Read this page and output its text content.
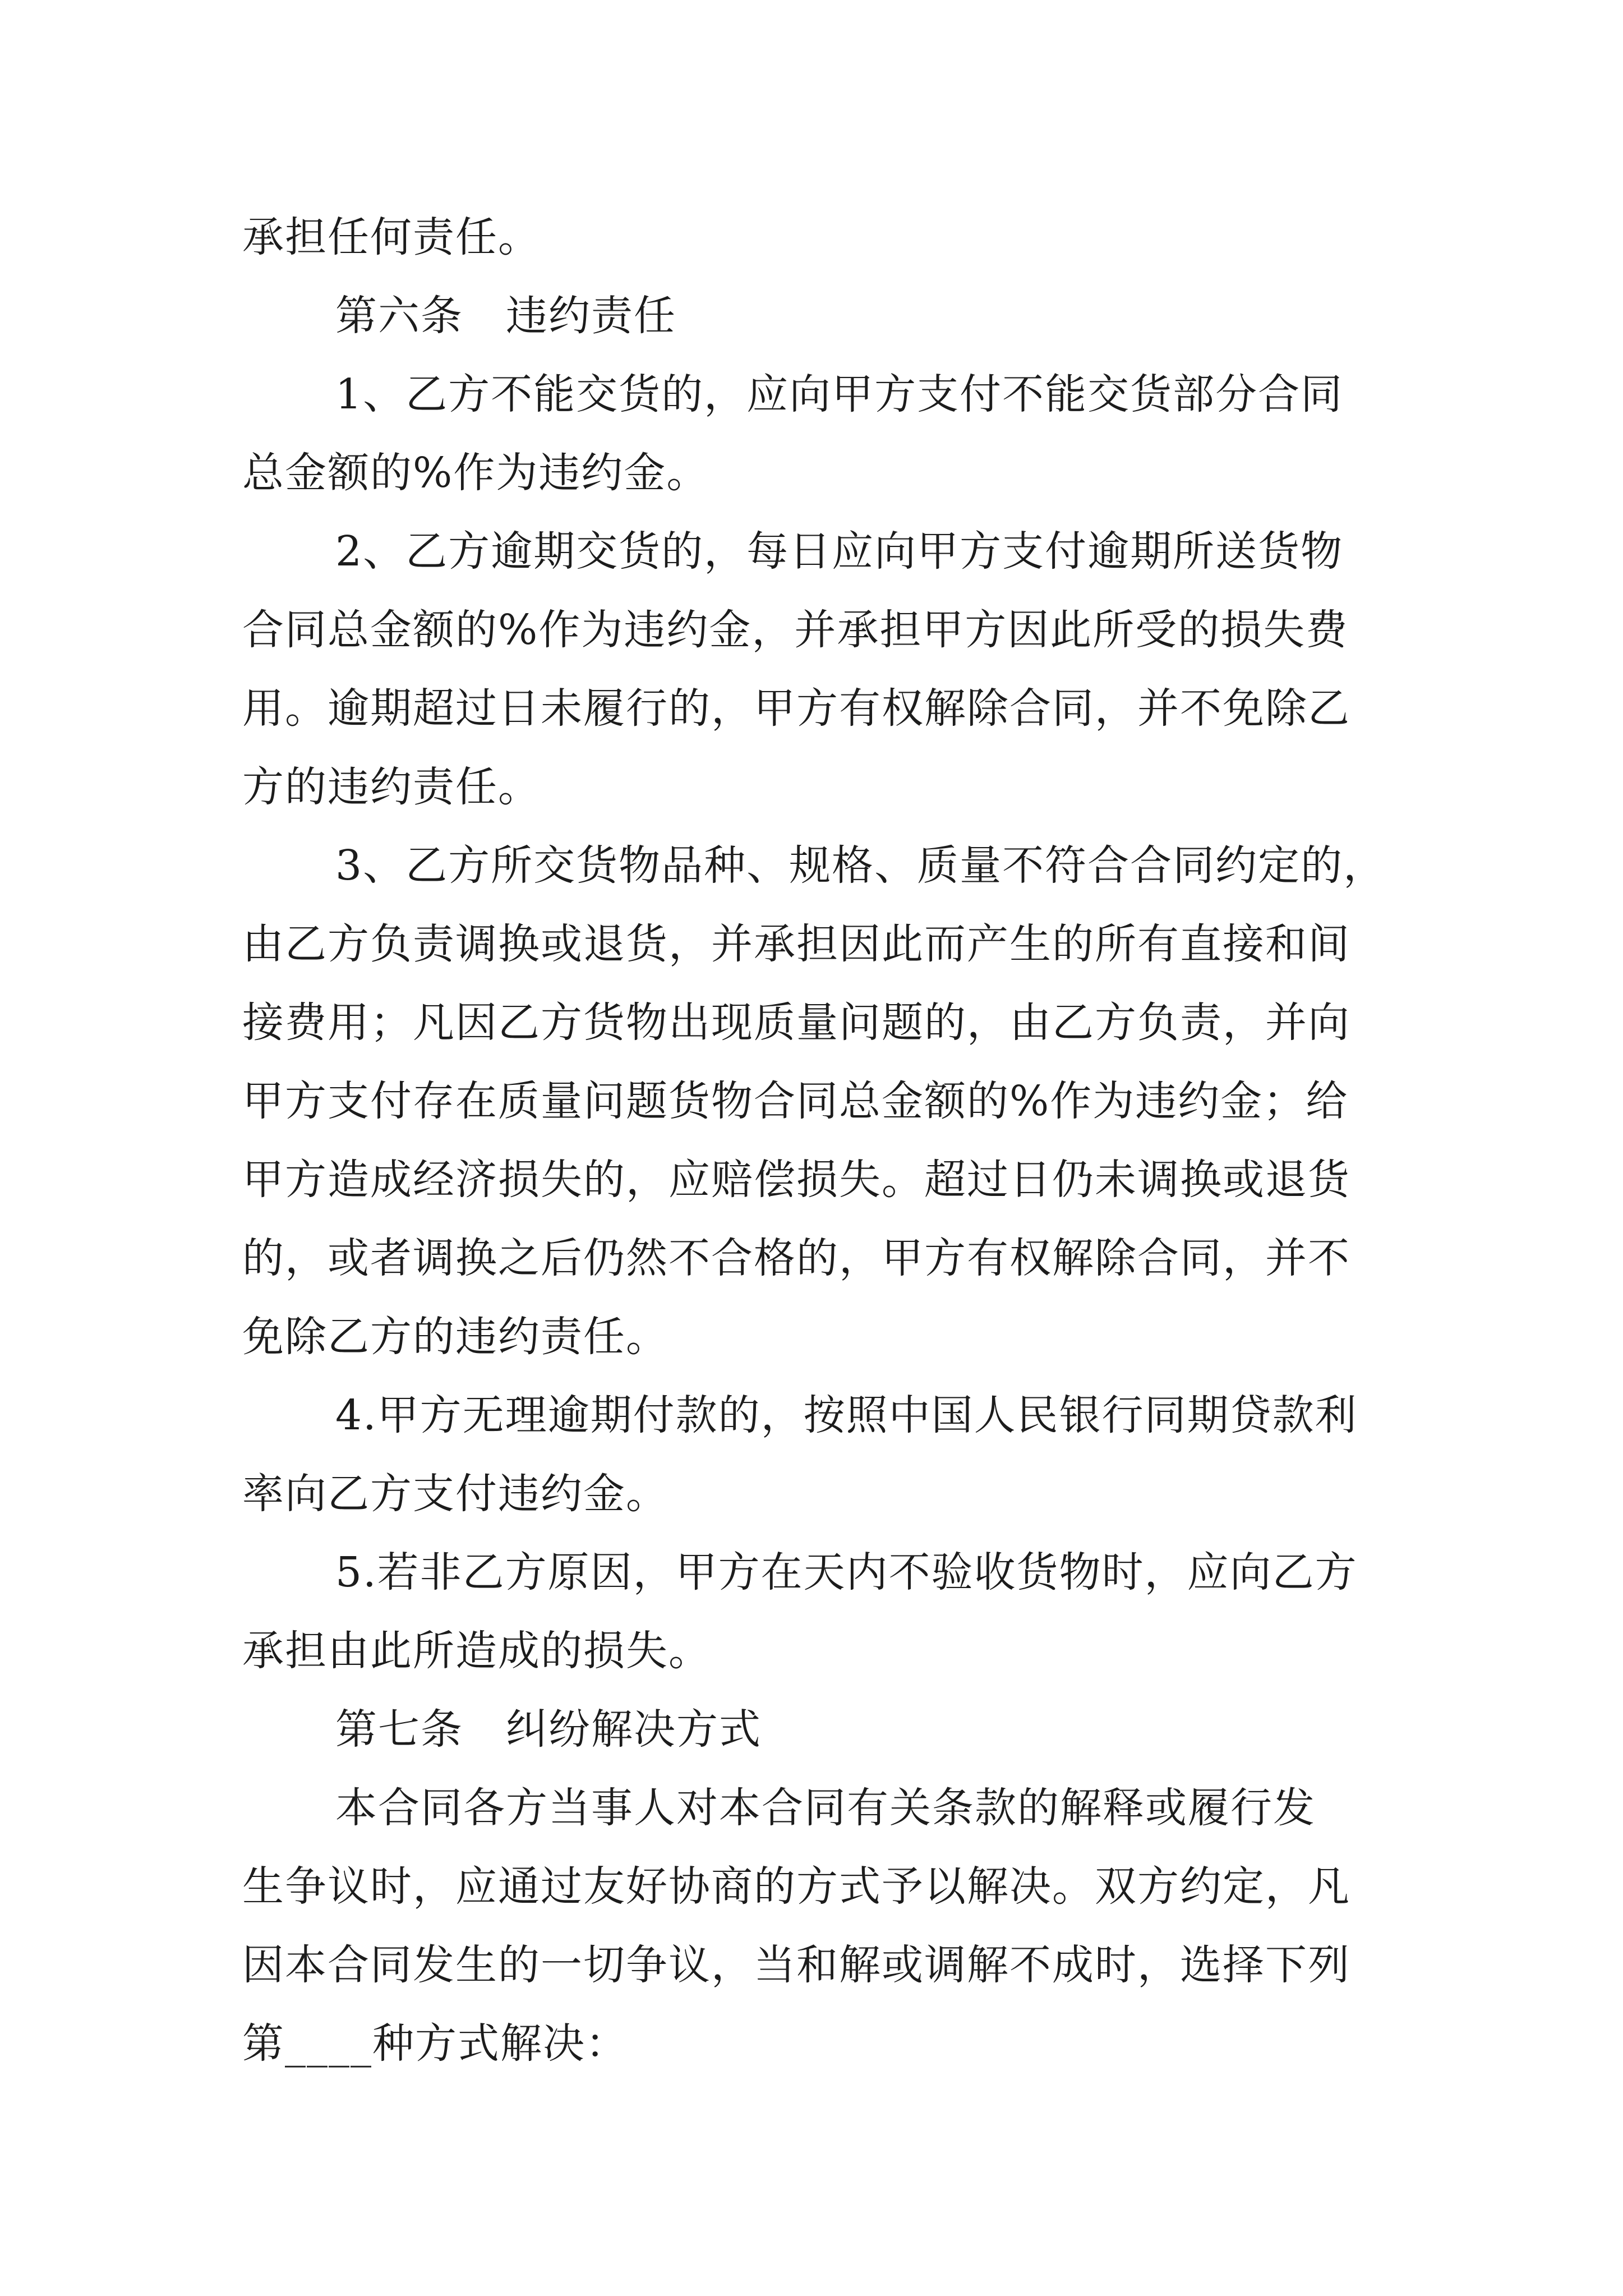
承担任何责任。

第六条　违约责任

1、乙方不能交货的，应向甲方支付不能交货部分合同

总金额的%作为违约金。

2、乙方逾期交货的，每日应向甲方支付逾期所送货物

合同总金额的%作为违约金，并承担甲方因此所受的损失费

用。逾期超过日未履行的，甲方有权解除合同，并不免除乙

方的违约责任。

3、乙方所交货物品种、规格、质量不符合合同约定的，

由乙方负责调换或退货，并承担因此而产生的所有直接和间

接费用；凡因乙方货物出现质量问题的，由乙方负责，并向

甲方支付存在质量问题货物合同总金额的%作为违约金；给

甲方造成经济损失的，应赔偿损失。超过日仍未调换或退货

的，或者调换之后仍然不合格的，甲方有权解除合同，并不

免除乙方的违约责任。

4.甲方无理逾期付款的，按照中国人民银行同期贷款利

率向乙方支付违约金。

5.若非乙方原因，甲方在天内不验收货物时，应向乙方

承担由此所造成的损失。

第七条　纠纷解决方式

本合同各方当事人对本合同有关条款的解释或履行发

生争议时，应通过友好协商的方式予以解决。双方约定，凡

因本合同发生的一切争议，当和解或调解不成时，选择下列

第____种方式解决：
